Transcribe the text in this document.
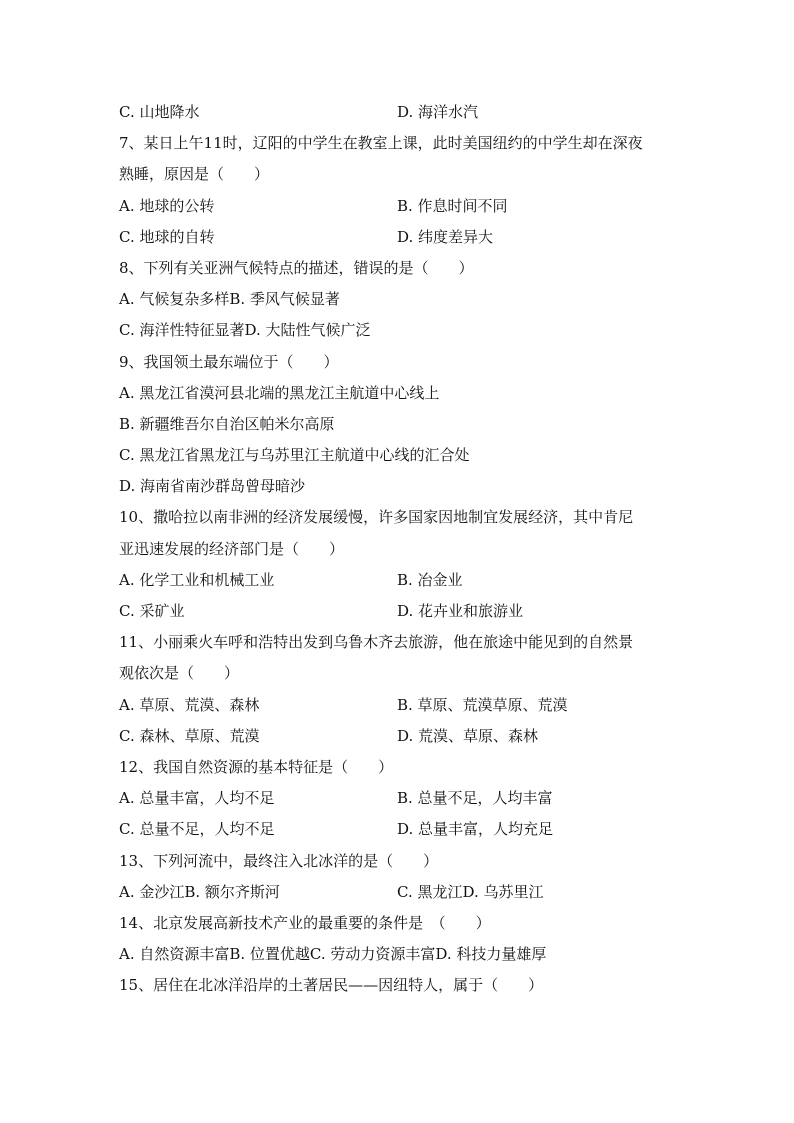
C. 山地降水	D. 海洋水汽
7、某日上午11时，辽阳的中学生在教室上课，此时美国纽约的中学生却在深夜
熟睡，原因是（　　）
A. 地球的公转	B. 作息时间不同
C. 地球的自转	D. 纬度差异大
8、下列有关亚洲气候特点的描述，错误的是（　　）
A. 气候复杂多样B. 季风气候显著
C. 海洋性特征显著D. 大陆性气候广泛
9、我国领土最东端位于（　　）
A. 黑龙江省漠河县北端的黑龙江主航道中心线上
B. 新疆维吾尔自治区帕米尔高原
C. 黑龙江省黑龙江与乌苏里江主航道中心线的汇合处
D. 海南省南沙群岛曾母暗沙
10、撒哈拉以南非洲的经济发展缓慢，许多国家因地制宜发展经济，其中肯尼
亚迅速发展的经济部门是（　　）
A. 化学工业和机械工业	B. 冶金业
C. 采矿业	D. 花卉业和旅游业
11、小丽乘火车呼和浩特出发到乌鲁木齐去旅游，他在旅途中能见到的自然景
观依次是（　　）
A. 草原、荒漠、森林	B. 草原、荒漠草原、荒漠
C. 森林、草原、荒漠	D. 荒漠、草原、森林
12、我国自然资源的基本特征是（　　）
A. 总量丰富，人均不足	B. 总量不足，人均丰富
C. 总量不足，人均不足	D. 总量丰富，人均充足
13、下列河流中，最终注入北冰洋的是（　　）
A. 金沙江B. 额尔齐斯河	C. 黑龙江D. 乌苏里江
14、北京发展高新技术产业的最重要的条件是　（　　）
A. 自然资源丰富B. 位置优越C. 劳动力资源丰富D. 科技力量雄厚
15、居住在北冰洋沿岸的土著居民——因纽特人，属于（　　）
